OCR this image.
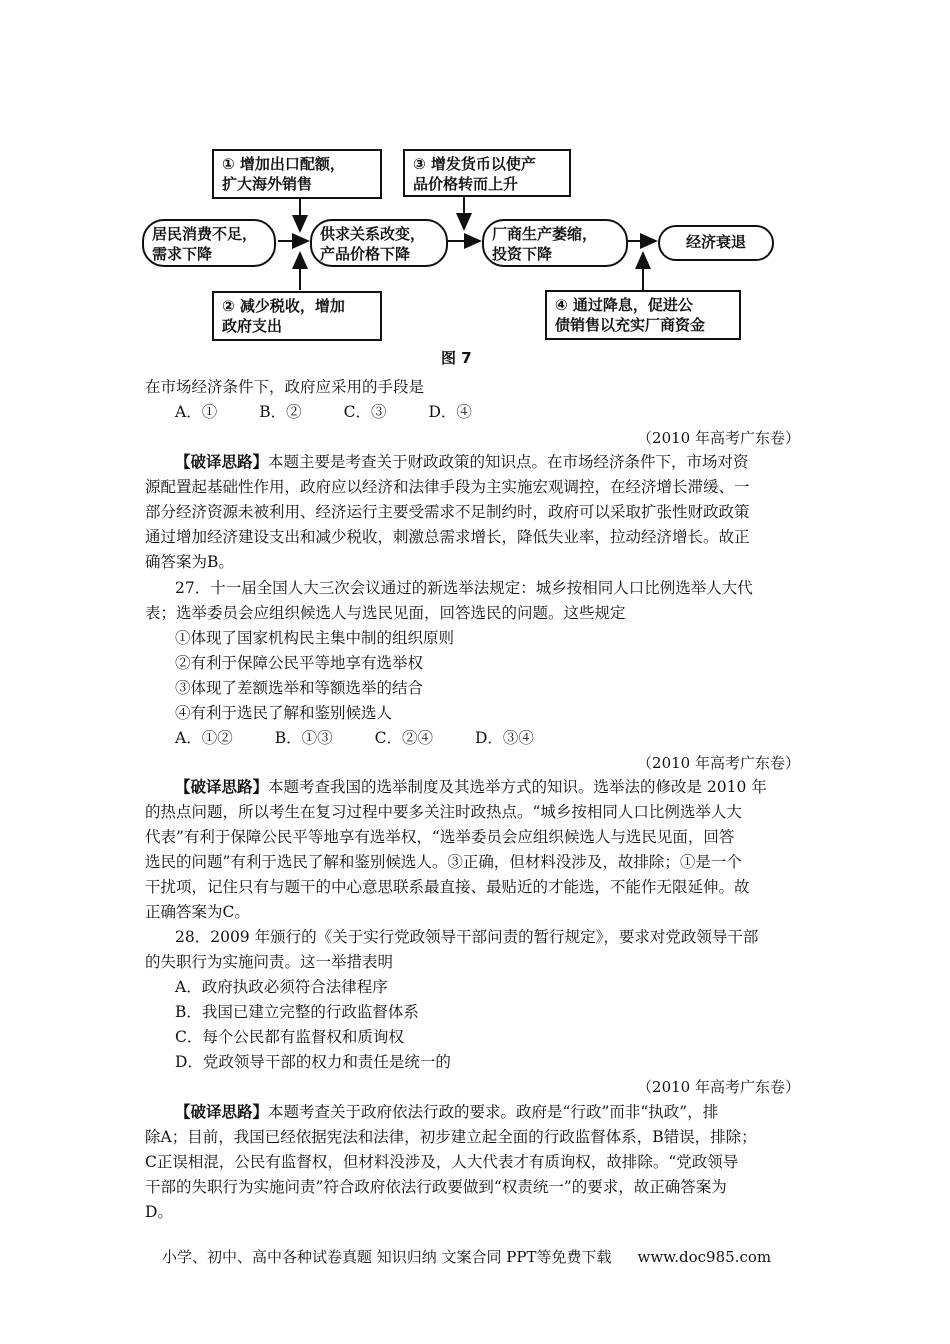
① 增加出口配额，
扩大海外销售
② 减少税收，增加
政府支出
③ 增发货币以使产
品价格转而上升
④ 通过降息，促进公
债销售以充实厂商资金
居民消费不足，
需求下降
供求关系改变，
产品价格下降
厂商生产萎缩，
投资下降
经济衰退
图 7
在市场经济条件下，政府应采用的手段是
A．①	B．②	C．③	D．④
（2010 年高考广东卷）
【破译思路】本题主要是考查关于财政政策的知识点。在市场经济条件下，市场对资
源配置起基础性作用，政府应以经济和法律手段为主实施宏观调控，在经济增长滞缓、一
部分经济资源未被利用、经济运行主要受需求不足制约时，政府可以采取扩张性财政政策
通过增加经济建设支出和减少税收，刺激总需求增长，降低失业率，拉动经济增长。故正
确答案为B。
27．十一届全国人大三次会议通过的新选举法规定：城乡按相同人口比例选举人大代
表；选举委员会应组织候选人与选民见面，回答选民的问题。这些规定
①体现了国家机构民主集中制的组织原则
②有利于保障公民平等地享有选举权
③体现了差额选举和等额选举的结合
④有利于选民了解和鉴别候选人
A．①②	B．①③	C．②④	D．③④
（2010 年高考广东卷）
【破译思路】本题考查我国的选举制度及其选举方式的知识。选举法的修改是 2010 年
的热点问题，所以考生在复习过程中要多关注时政热点。“城乡按相同人口比例选举人大
代表”有利于保障公民平等地享有选举权，“选举委员会应组织候选人与选民见面，回答
选民的问题”有利于选民了解和鉴别候选人。③正确，但材料没涉及，故排除；①是一个
干扰项，记住只有与题干的中心意思联系最直接、最贴近的才能选，不能作无限延伸。故
正确答案为C。
28．2009 年颁行的《关于实行党政领导干部问责的暂行规定》，要求对党政领导干部
的失职行为实施问责。这一举措表明
A．政府执政必须符合法律程序
B．我国已建立完整的行政监督体系
C．每个公民都有监督权和质询权
D．党政领导干部的权力和责任是统一的
（2010 年高考广东卷）
【破译思路】本题考查关于政府依法行政的要求。政府是“行政”而非“执政”，排
除A；目前，我国已经依据宪法和法律，初步建立起全面的行政监督体系，B错误，排除；
C正误相混，公民有监督权，但材料没涉及，人大代表才有质询权，故排除。“党政领导
干部的失职行为实施问责”符合政府依法行政要做到“权责统一”的要求，故正确答案为
D。
小学、初中、高中各种试卷真题 知识归纳 文案合同 PPT等免费下载 www.doc985.com
